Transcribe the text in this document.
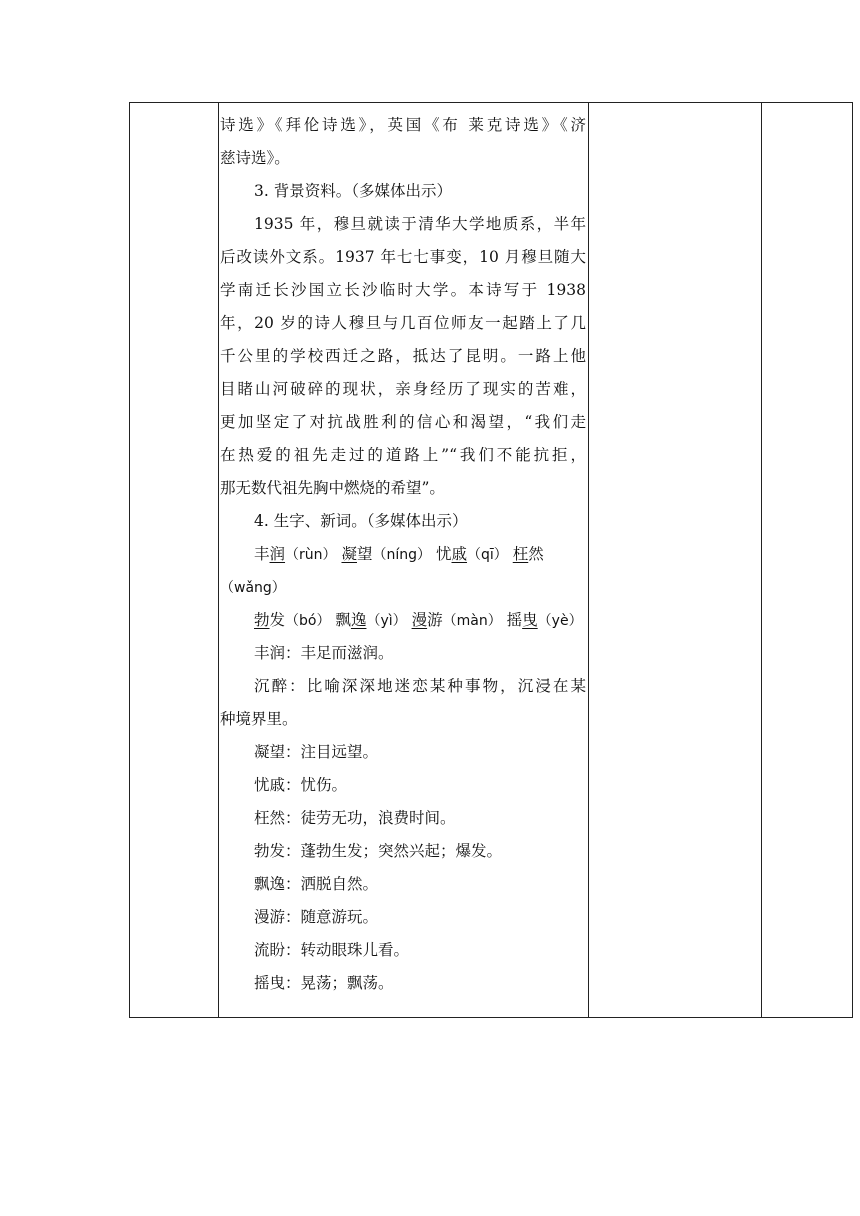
诗选》《拜伦诗选》，英国《布 莱克诗选》《济
慈诗选》。
3. 背景资料。（多媒体出示）
1935 年，穆旦就读于清华大学地质系，半年
后改读外文系。1937 年七七事变，10 月穆旦随大
学南迁长沙国立长沙临时大学。本诗写于 1938
年，20 岁的诗人穆旦与几百位师友一起踏上了几
千公里的学校西迁之路，抵达了昆明。一路上他
目睹山河破碎的现状，亲身经历了现实的苦难，
更加坚定了对抗战胜利的信心和渴望，“我们走
在热爱的祖先走过的道路上”“我们不能抗拒，
那无数代祖先胸中燃烧的希望”。
4. 生字、新词。（多媒体出示）
丰润（rùn） 凝望（níng） 忧戚（qī） 枉然
（wǎng）
勃发（bó） 飘逸（yì） 漫游（màn） 摇曳（yè）
丰润：丰足而滋润。
沉醉：比喻深深地迷恋某种事物，沉浸在某
种境界里。
凝望：注目远望。
忧戚：忧伤。
枉然：徒劳无功，浪费时间。
勃发：蓬勃生发；突然兴起；爆发。
飘逸：洒脱自然。
漫游：随意游玩。
流盼：转动眼珠儿看。
摇曳：晃荡；飘荡。
